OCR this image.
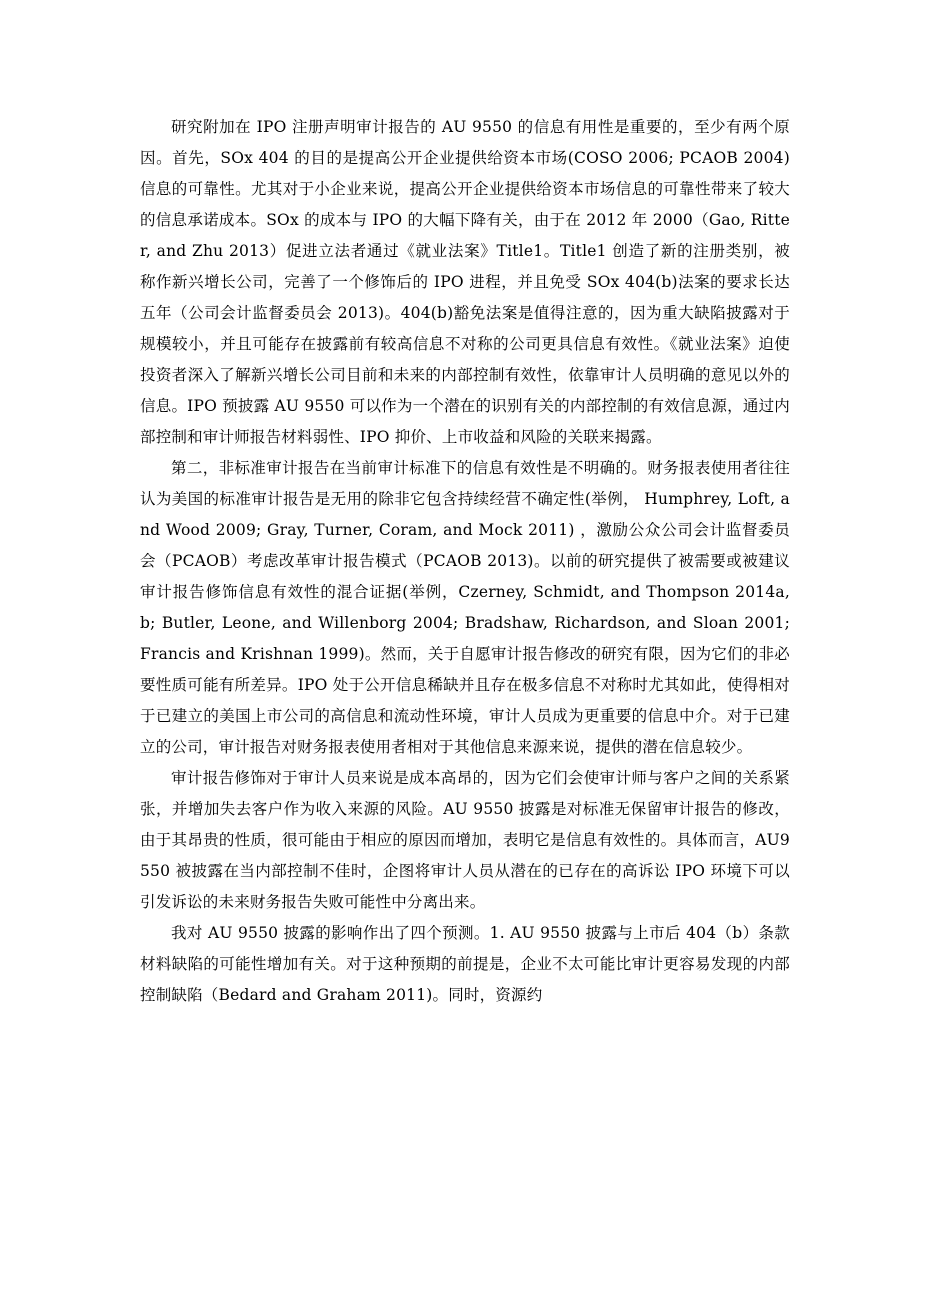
研究附加在 IPO 注册声明审计报告的 AU 9550 的信息有用性是重要的，至少有两个原因。首先，SOx 404 的目的是提高公开企业提供给资本市场(COSO 2006; PCAOB 2004)信息的可靠性。尤其对于小企业来说，提高公开企业提供给资本市场信息的可靠性带来了较大的信息承诺成本。SOx 的成本与 IPO 的大幅下降有关，由于在 2012 年 2000（Gao, Ritter, and Zhu 2013）促进立法者通过《就业法案》Title1。Title1 创造了新的注册类别，被称作新兴增长公司，完善了一个修饰后的 IPO 进程，并且免受 SOx 404(b)法案的要求长达五年（公司会计监督委员会 2013)。404(b)豁免法案是值得注意的，因为重大缺陷披露对于规模较小，并且可能存在披露前有较高信息不对称的公司更具信息有效性。《就业法案》迫使投资者深入了解新兴增长公司目前和未来的内部控制有效性，依靠审计人员明确的意见以外的信息。IPO 预披露 AU 9550 可以作为一个潜在的识别有关的内部控制的有效信息源，通过内部控制和审计师报告材料弱性、IPO 抑价、上市收益和风险的关联来揭露。

第二，非标准审计报告在当前审计标准下的信息有效性是不明确的。财务报表使用者往往认为美国的标准审计报告是无用的除非它包含持续经营不确定性(举例， Humphrey, Loft, and Wood 2009; Gray, Turner, Coram, and Mock 2011) ，激励公众公司会计监督委员会（PCAOB）考虑改革审计报告模式（PCAOB 2013)。以前的研究提供了被需要或被建议审计报告修饰信息有效性的混合证据(举例，Czerney, Schmidt, and Thompson 2014a, b; Butler, Leone, and Willenborg 2004; Bradshaw, Richardson, and Sloan 2001; Francis and Krishnan 1999)。然而，关于自愿审计报告修改的研究有限，因为它们的非必要性质可能有所差异。IPO 处于公开信息稀缺并且存在极多信息不对称时尤其如此，使得相对于已建立的美国上市公司的高信息和流动性环境，审计人员成为更重要的信息中介。对于已建立的公司，审计报告对财务报表使用者相对于其他信息来源来说，提供的潜在信息较少。

审计报告修饰对于审计人员来说是成本高昂的，因为它们会使审计师与客户之间的关系紧张，并增加失去客户作为收入来源的风险。AU 9550 披露是对标准无保留审计报告的修改，由于其昂贵的性质，很可能由于相应的原因而增加，表明它是信息有效性的。具体而言，AU9550 被披露在当内部控制不佳时，企图将审计人员从潜在的已存在的高诉讼 IPO 环境下可以引发诉讼的未来财务报告失败可能性中分离出来。

我对 AU 9550 披露的影响作出了四个预测。1. AU 9550 披露与上市后 404（b）条款材料缺陷的可能性增加有关。对于这种预期的前提是，企业不太可能比审计更容易发现的内部控制缺陷（Bedard and Graham 2011)。同时，资源约
